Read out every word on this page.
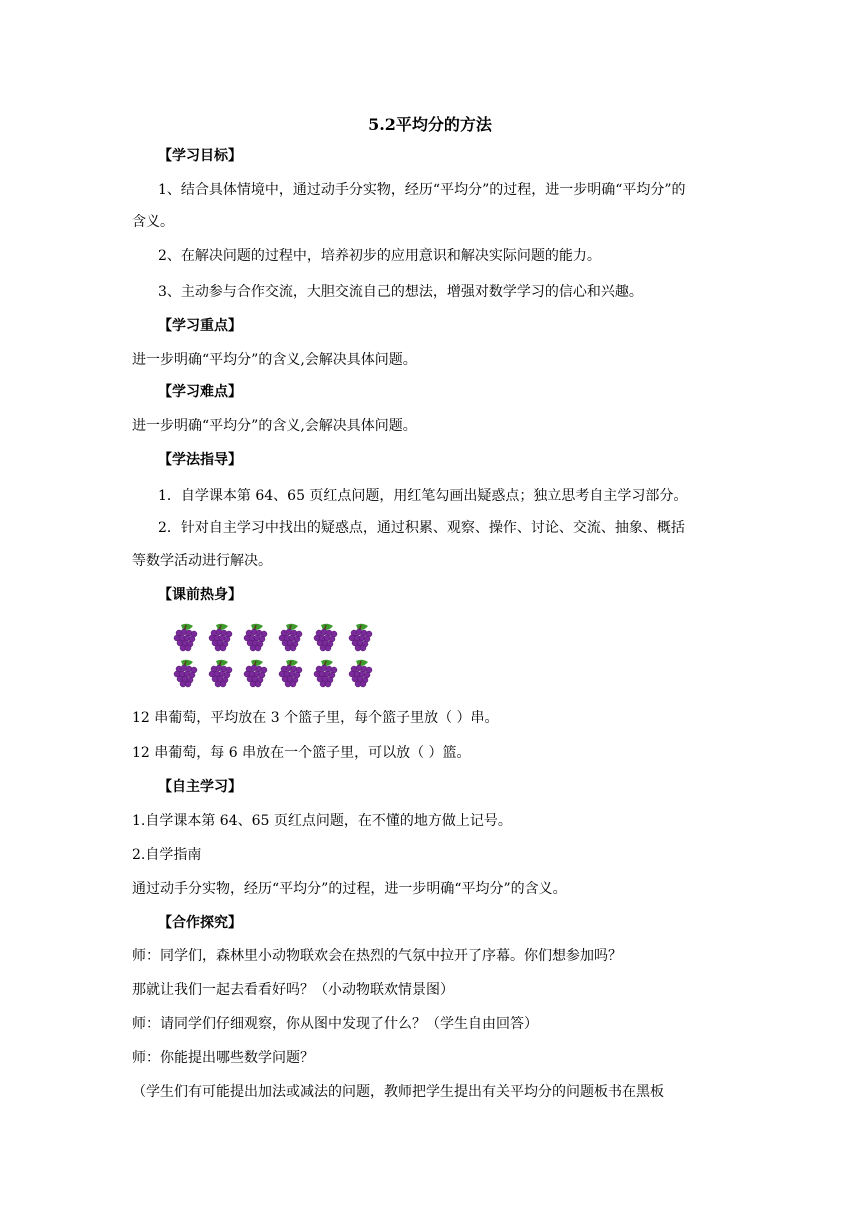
5.2平均分的方法
【学习目标】
1、结合具体情境中，通过动手分实物，经历“平均分”的过程，进一步明确“平均分”的
含义。
2、在解决问题的过程中，培养初步的应用意识和解决实际问题的能力。
3、主动参与合作交流，大胆交流自己的想法，增强对数学学习的信心和兴趣。
【学习重点】
进一步明确“平均分”的含义,会解决具体问题。
【学习难点】
进一步明确“平均分”的含义,会解决具体问题。
【学法指导】
1．自学课本第 64、65 页红点问题，用红笔勾画出疑惑点；独立思考自主学习部分。
2．针对自主学习中找出的疑惑点，通过积累、观察、操作、讨论、交流、抽象、概括
等数学活动进行解决。
【课前热身】
12 串葡萄，平均放在 3 个篮子里，每个篮子里放（ ）串。
12 串葡萄，每 6 串放在一个篮子里，可以放（ ）篮。
【自主学习】
1.自学课本第 64、65 页红点问题，在不懂的地方做上记号。
2.自学指南
通过动手分实物，经历“平均分”的过程，进一步明确“平均分”的含义。
【合作探究】
师：同学们，森林里小动物联欢会在热烈的气氛中拉开了序幕。你们想参加吗？
那就让我们一起去看看好吗？（小动物联欢情景图）
师：请同学们仔细观察，你从图中发现了什么？（学生自由回答）
师：你能提出哪些数学问题？
（学生们有可能提出加法或减法的问题，教师把学生提出有关平均分的问题板书在黑板
